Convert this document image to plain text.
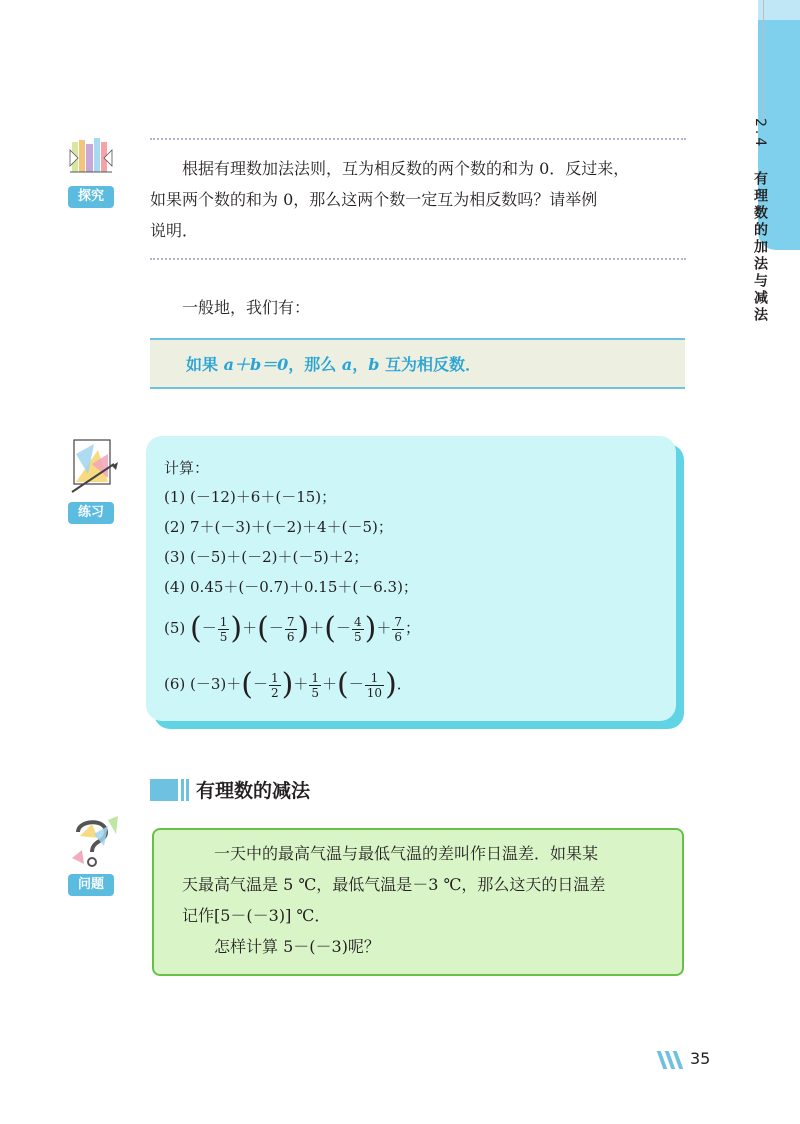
2.4 有理数的加法与减法
探究
根据有理数加法法则，互为相反数的两个数的和为 0．反过来，
如果两个数的和为 0，那么这两个数一定互为相反数吗？请举例
说明．
一般地，我们有：
如果 a＋b＝0，那么 a，b 互为相反数．
练习
计算：
(1) (－12)＋6＋(－15)；
(2) 7＋(－3)＋(－2)＋4＋(－5)；
(3) (－5)＋(－2)＋(－5)＋2；
(4) 0.45＋(－0.7)＋0.15＋(－6.3)；
(5) (－ $\frac{1}{5}$ )＋(－ $\frac{7}{6}$ )＋(－ $\frac{4}{5}$ )＋ $\frac{7}{6}$ ；
(6) $(-3)+(- \frac{1}{2}$ )＋ $\frac{1}{5}$ ＋(－ $\frac{1}{10}$ )．
有理数的减法
问题
一天中的最高气温与最低气温的差叫作日温差．如果某
天最高气温是 5 ℃，最低气温是－3 ℃，那么这天的日温差
记作[5－(－3)] ℃．
怎样计算 5－(－3)呢？
35
